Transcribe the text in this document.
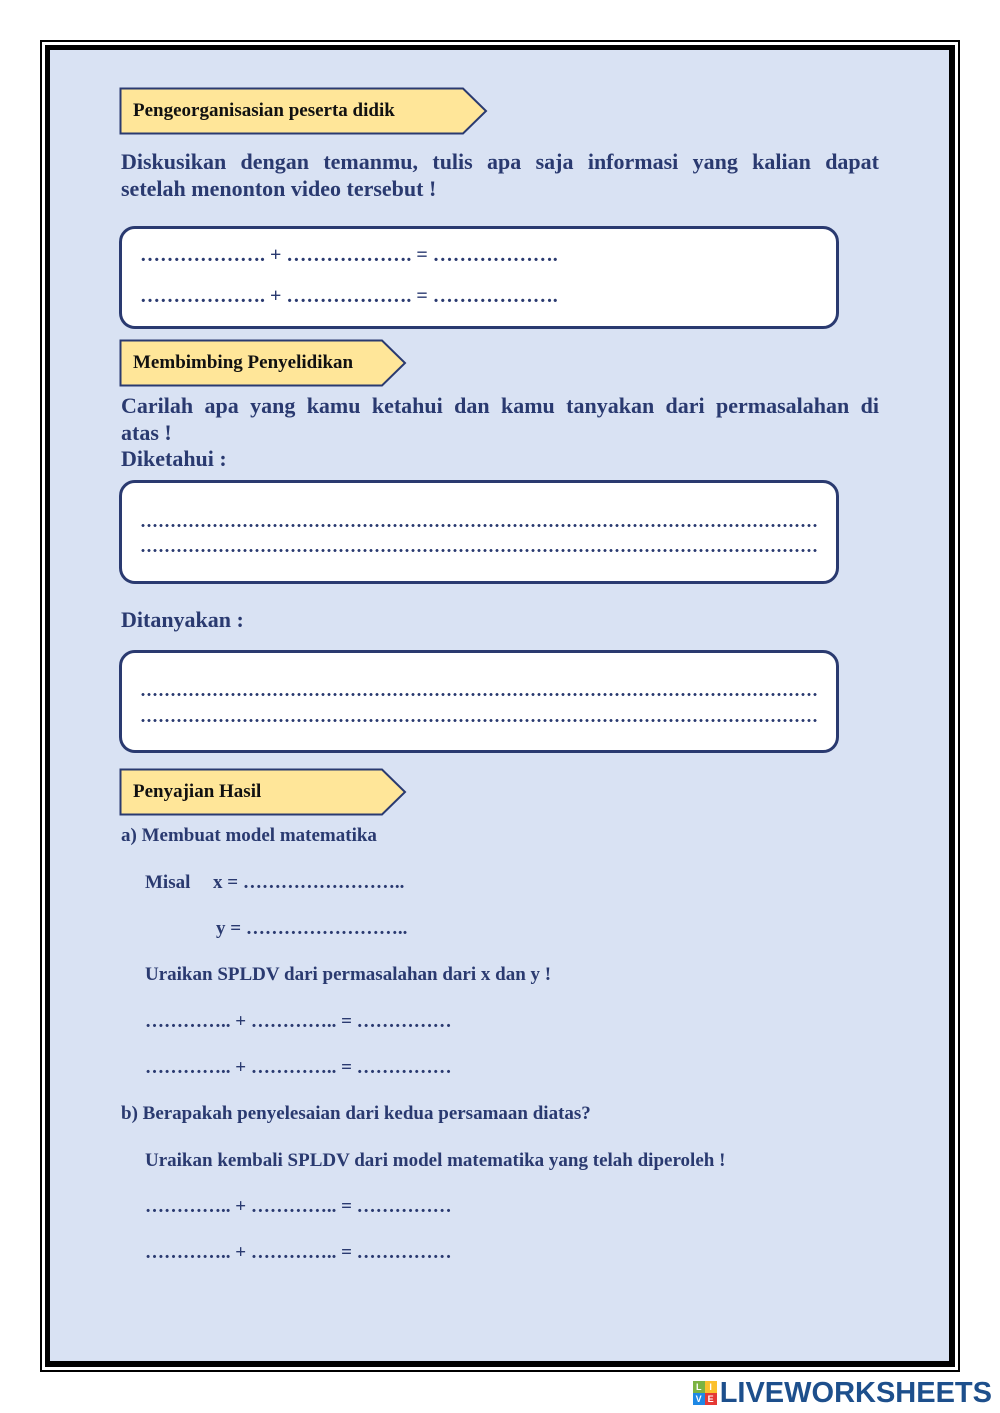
Pengeorganisasian peserta didik
Diskusikan dengan temanmu, tulis apa saja informasi yang kalian dapat
setelah menonton video tersebut !
………………. + ………………. = ……………….
………………. + ………………. = ……………….
Membimbing Penyelidikan
Carilah apa yang kamu ketahui dan kamu tanyakan dari permasalahan di
atas !
Diketahui :
Ditanyakan :
Penyajian Hasil
a) Membuat model matematika
Misal x = ……………………..
y = ……………………..
Uraikan SPLDV dari permasalahan dari x dan y !
………….. + ………….. = ……………
………….. + ………….. = ……………
b) Berapakah penyelesaian dari kedua persamaan diatas?
Uraikan kembali SPLDV dari model matematika yang telah diperoleh !
………….. + ………….. = ……………
………….. + ………….. = ……………
L I
V E LIVEWORKSHEETS
